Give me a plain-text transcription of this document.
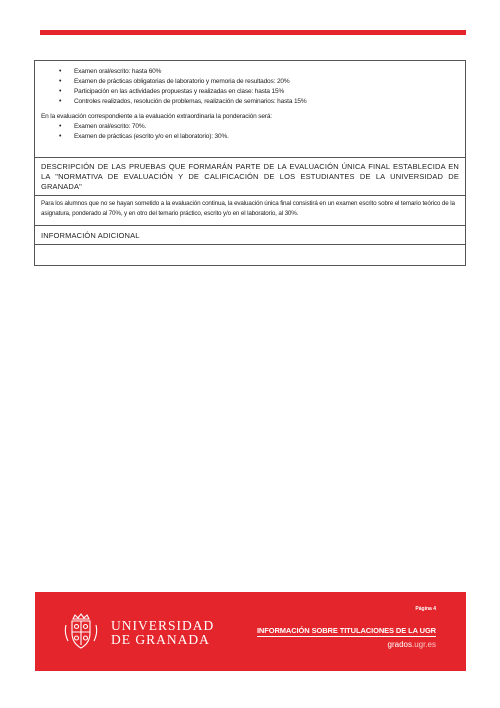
• Examen oral/escrito: hasta 60%
• Examen de prácticas obligatorias de laboratorio y memoria de resultados: 20%
• Participación en las actividades propuestas y realizadas en clase: hasta 15%
• Controles realizados, resolución de problemas, realización de seminarios: hasta 15%

En la evaluación correspondiente a la evaluación extraordinaria la ponderación será:

• Examen oral/escrito: 70%.
• Examen de prácticas (escrito y/o en el laboratorio): 30%.
DESCRIPCIÓN DE LAS PRUEBAS QUE FORMARÁN PARTE DE LA EVALUACIÓN ÚNICA FINAL ESTABLECIDA EN LA "NORMATIVA DE EVALUACIÓN Y DE CALIFICACIÓN DE LOS ESTUDIANTES DE LA UNIVERSIDAD DE GRANADA"
Para los alumnos que no se hayan sometido a la evaluación continua, la evaluación única final consistirá en un examen escrito sobre el temario teórico de la asignatura, ponderado al 70%, y en otro del temario práctico, escrito y/o en el laboratorio, al 30%.
INFORMACIÓN ADICIONAL
UNIVERSIDAD
DE GRANADA
Página 4
INFORMACIÓN SOBRE TITULACIONES DE LA UGR
grados.ugr.es
